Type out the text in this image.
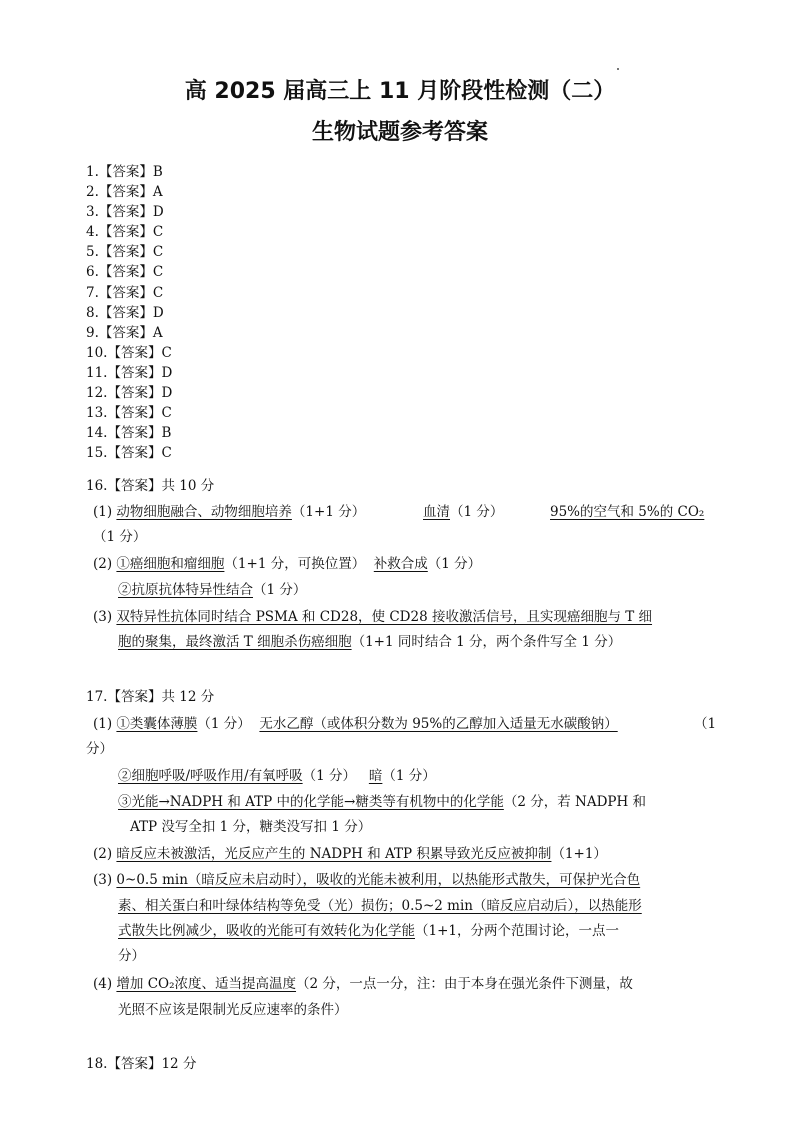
高 2025 届高三上 11 月阶段性检测（二）
生物试题参考答案
1.【答案】B
2.【答案】A
3.【答案】D
4.【答案】C
5.【答案】C
6.【答案】C
7.【答案】C
8.【答案】D
9.【答案】A
10.【答案】C
11.【答案】D
12.【答案】D
13.【答案】C
14.【答案】B
15.【答案】C
16.【答案】共 10 分
(1) 动物细胞融合、动物细胞培养（1+1 分）	血清（1 分）	95%的空气和 5%的 CO₂
（1 分）
(2) ①癌细胞和瘤细胞（1+1 分，可换位置） 补救合成（1 分）
②抗原抗体特异性结合（1 分）
(3) 双特异性抗体同时结合 PSMA 和 CD28，使 CD28 接收激活信号，且实现癌细胞与 T 细
胞的聚集，最终激活 T 细胞杀伤癌细胞（1+1 同时结合 1 分，两个条件写全 1 分）
17.【答案】共 12 分
(1) ①类囊体薄膜（1 分） 无水乙醇（或体积分数为 95%的乙醇加入适量无水碳酸钠）	（1
分）
②细胞呼吸/呼吸作用/有氧呼吸（1 分） 暗（1 分）
③光能→NADPH 和 ATP 中的化学能→糖类等有机物中的化学能（2 分，若 NADPH 和
ATP 没写全扣 1 分，糖类没写扣 1 分）
(2) 暗反应未被激活，光反应产生的 NADPH 和 ATP 积累导致光反应被抑制（1+1）
(3) 0~0.5 min（暗反应未启动时），吸收的光能未被利用，以热能形式散失，可保护光合色
素、相关蛋白和叶绿体结构等免受（光）损伤；0.5~2 min（暗反应启动后），以热能形
式散失比例减少，吸收的光能可有效转化为化学能（1+1，分两个范围讨论，一点一
分）
(4) 增加 CO₂浓度、适当提高温度（2 分，一点一分，注：由于本身在强光条件下测量，故
光照不应该是限制光反应速率的条件）
18.【答案】12 分
